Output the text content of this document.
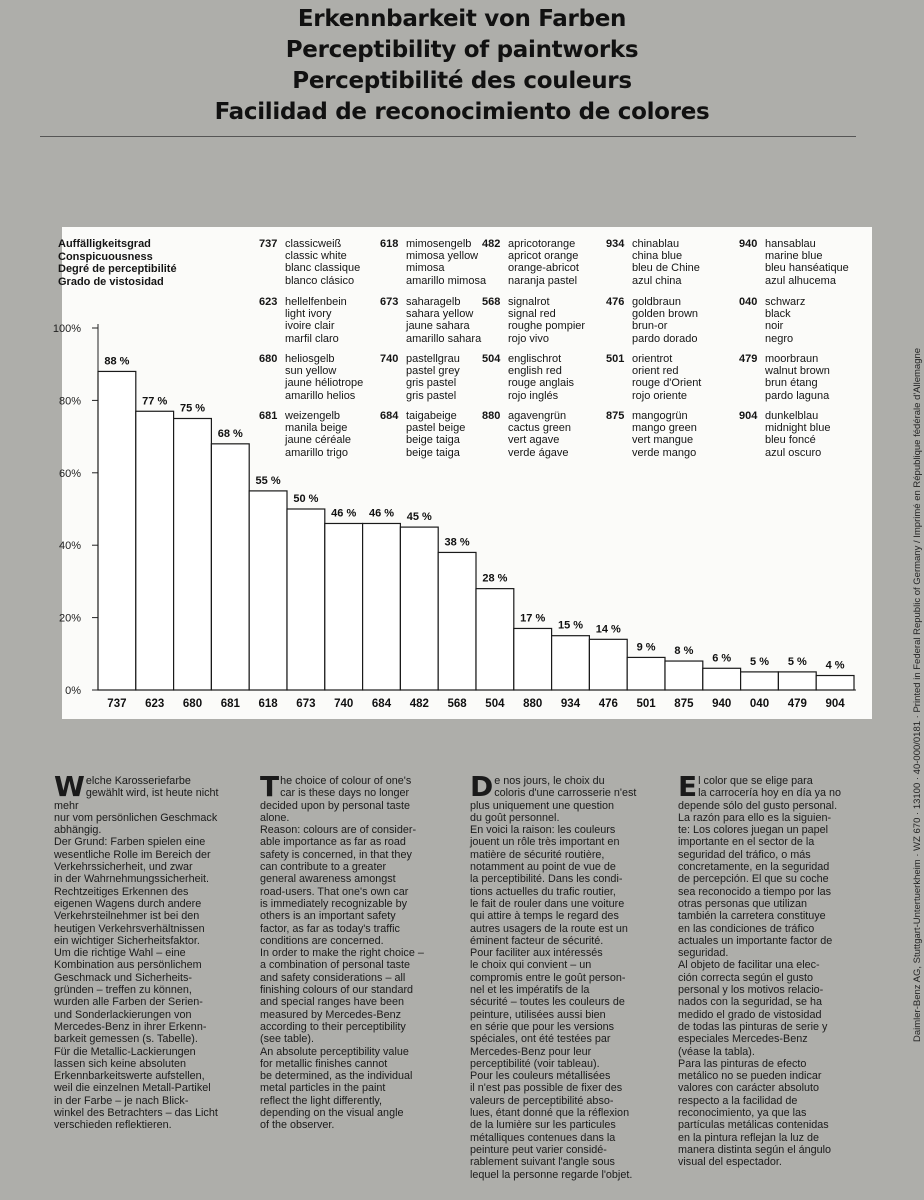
Erkennbarkeit von Farben
Perceptibility of paintworks
Perceptibilité des couleurs
Facilidad de reconocimiento de colores
0%
20%
40%
60%
80%
100%
88 %
737
77 %
623
75 %
680
68 %
681
55 %
618
50 %
673
46 %
740
46 %
684
45 %
482
38 %
568
28 %
504
17 %
880
15 %
934
14 %
476
9 %
501
8 %
875
6 %
940
5 %
040
5 %
479
4 %
904
Auffälligkeitsgrad
Conspicuousness
Degré de perceptibilité
Grado de vistosidad
737 classicweiß
classic white
blanc classique
blanco clásico
618 mimosengelb
mimosa yellow
mimosa
amarillo mimosa
482 apricotorange
apricot orange
orange-abricot
naranja pastel
934 chinablau
china blue
bleu de Chine
azul china
940 hansablau
marine blue
bleu hanséatique
azul alhucema
623 hellelfenbein
light ivory
ivoire clair
marfil claro
673 saharagelb
sahara yellow
jaune sahara
amarillo sahara
568 signalrot
signal red
roughe pompier
rojo vivo
476 goldbraun
golden brown
brun-or
pardo dorado
040 schwarz
black
noir
negro
680 heliosgelb
sun yellow
jaune héliotrope
amarillo helios
740 pastellgrau
pastel grey
gris pastel
gris pastel
504 englischrot
english red
rouge anglais
rojo inglés
501 orientrot
orient red
rouge d'Orient
rojo oriente
479 moorbraun
walnut brown
brun étang
pardo laguna
681 weizengelb
manila beige
jaune céréale
amarillo trigo
684 taigabeige
pastel beige
beige taiga
beige taiga
880 agavengrün
cactus green
vert agave
verde ágave
875 mangogrün
mango green
vert mangue
verde mango
904 dunkelblau
midnight blue
bleu foncé
azul oscuro
W elche Karosseriefarbe
gewählt wird, ist heute nicht mehr
nur vom persönlichen Geschmack
abhängig.
Der Grund: Farben spielen eine
wesentliche Rolle im Bereich der
Verkehrssicherheit, und zwar
in der Wahrnehmungssicherheit.
Rechtzeitiges Erkennen des
eigenen Wagens durch andere
Verkehrsteilnehmer ist bei den
heutigen Verkehrsverhältnissen
ein wichtiger Sicherheitsfaktor.
Um die richtige Wahl – eine
Kombination aus persönlichem
Geschmack und Sicherheits-
gründen – treffen zu können,
wurden alle Farben der Serien-
und Sonderlackierungen von
Mercedes-Benz in ihrer Erkenn-
barkeit gemessen (s. Tabelle).
Für die Metallic-Lackierungen
lassen sich keine absoluten
Erkennbarkeitswerte aufstellen,
weil die einzelnen Metall-Partikel
in der Farbe – je nach Blick-
winkel des Betrachters – das Licht
verschieden reflektieren.

T he choice of colour of one's
car is these days no longer
decided upon by personal taste
alone.
Reason: colours are of consider-
able importance as far as road
safety is concerned, in that they
can contribute to a greater
general awareness amongst
road-users. That one's own car
is immediately recognizable by
others is an important safety
factor, as far as today's traffic
conditions are concerned.
In order to make the right choice –
a combination of personal taste
and safety considerations – all
finishing colours of our standard
and special ranges have been
measured by Mercedes-Benz
according to their perceptibility
(see table).
An absolute perceptibility value
for metallic finishes cannot
be determined, as the individual
metal particles in the paint
reflect the light differently,
depending on the visual angle
of the observer.

D e nos jours, le choix du
coloris d'une carrosserie n'est
plus uniquement une question
du goût personnel.
En voici la raison: les couleurs
jouent un rôle très important en
matière de sécurité routière,
notamment au point de vue de
la perceptibilité. Dans les condi-
tions actuelles du trafic routier,
le fait de rouler dans une voiture
qui attire à temps le regard des
autres usagers de la route est un
éminent facteur de sécurité.
Pour faciliter aux intéressés
le choix qui convient – un
compromis entre le goût person-
nel et les impératifs de la
sécurité – toutes les couleurs de
peinture, utilisées aussi bien
en série que pour les versions
spéciales, ont été testées par
Mercedes-Benz pour leur
perceptibilité (voir tableau).
Pour les couleurs métallisées
il n'est pas possible de fixer des
valeurs de perceptibilité abso-
lues, étant donné que la réflexion
de la lumière sur les particules
métalliques contenues dans la
peinture peut varier considé-
rablement suivant l'angle sous
lequel la personne regarde l'objet.

E l color que se elige para
la carrocería hoy en día ya no
depende sólo del gusto personal.
La razón para ello es la siguien-
te: Los colores juegan un papel
importante en el sector de la
seguridad del tráfico, o más
concretamente, en la seguridad
de percepción. El que su coche
sea reconocido a tiempo por las
otras personas que utilizan
también la carretera constituye
en las condiciones de tráfico
actuales un importante factor de
seguridad.
Al objeto de facilitar una elec-
ción correcta según el gusto
personal y los motivos relacio-
nados con la seguridad, se ha
medido el grado de vistosidad
de todas las pinturas de serie y
especiales Mercedes-Benz
(véase la tabla).
Para las pinturas de efecto
metálico no se pueden indicar
valores con carácter absoluto
respecto a la facilidad de
reconocimiento, ya que las
partículas metálicas contenidas
en la pintura reflejan la luz de
manera distinta según el ángulo
visual del espectador.

Daimler-Benz AG, Stuttgart-Untertuerkheim · WZ 670 · 13100 · 40-000/0181 · Printed in Federal Republic of Germany / Imprimé en République fédérale d'Allemagne
